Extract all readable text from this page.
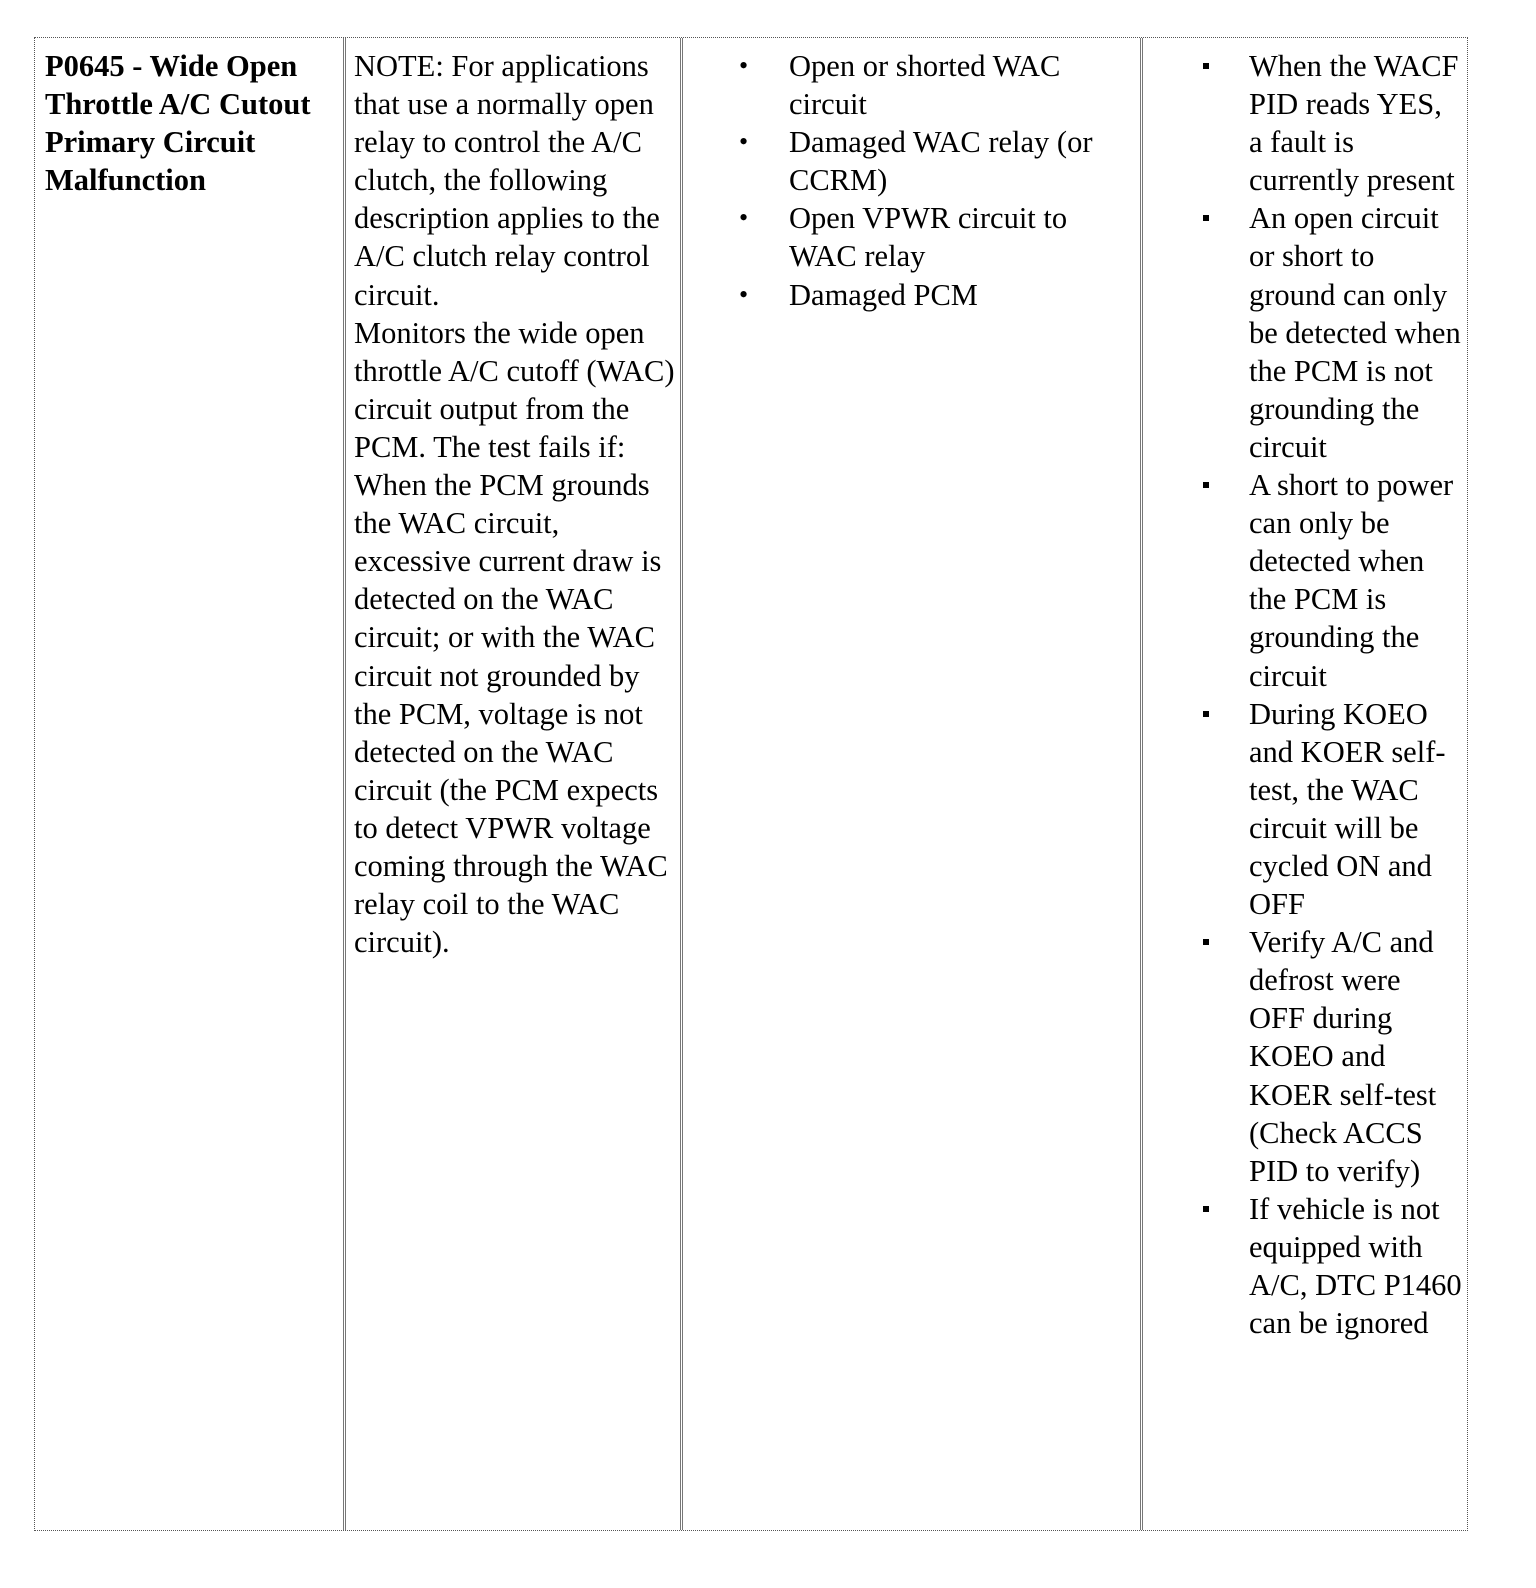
P0645 - Wide Open Throttle A/C Cutout Primary Circuit Malfunction

NOTE: For applications that use a normally open relay to control the A/C clutch, the following description applies to the A/C clutch relay control circuit.

Monitors the wide open throttle A/C cutoff (WAC) circuit output from the PCM. The test fails if: When the PCM grounds the WAC circuit, excessive current draw is detected on the WAC circuit; or with the WAC circuit not grounded by the PCM, voltage is not detected on the WAC circuit (the PCM expects to detect VPWR voltage coming through the WAC relay coil to the WAC circuit).

• Open or shorted WAC circuit
• Damaged WAC relay (or CCRM)
• Open VPWR circuit to WAC relay
• Damaged PCM
When the WACF PID reads YES, a fault is currently present
An open circuit or short to ground can only be detected when the PCM is not grounding the circuit
A short to power can only be detected when the PCM is grounding the circuit
During KOEO and KOER self-test, the WAC circuit will be cycled ON and OFF
Verify A/C and defrost were OFF during KOEO and KOER self-test (Check ACCS PID to verify)
If vehicle is not equipped with A/C, DTC P1460 can be ignored
